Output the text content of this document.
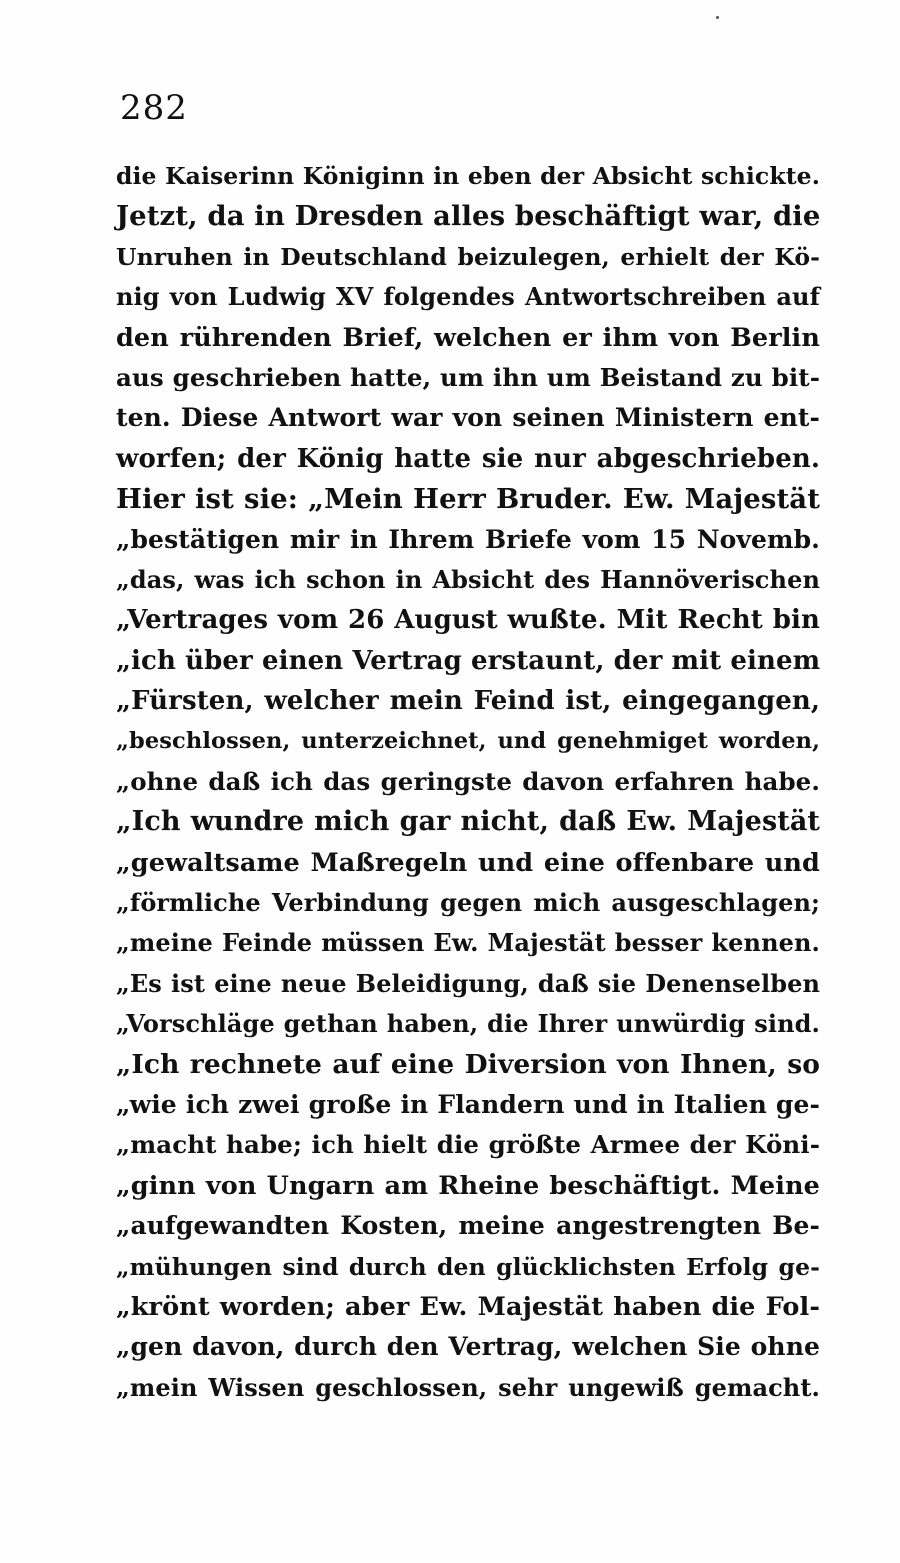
282
die Kaiserinn Königinn in eben der Absicht schickte.
Jetzt, da in Dresden alles beschäftigt war, die
Unruhen in Deutschland beizulegen, erhielt der Kö-
nig von Ludwig XV folgendes Antwortschreiben auf
den rührenden Brief, welchen er ihm von Berlin
aus geschrieben hatte, um ihn um Beistand zu bit-
ten. Diese Antwort war von seinen Ministern ent-
worfen; der König hatte sie nur abgeschrieben.
Hier ist sie: „Mein Herr Bruder. Ew. Majestät
„bestätigen mir in Ihrem Briefe vom 15 Novemb.
„das, was ich schon in Absicht des Hannöverischen
„Vertrages vom 26 August wußte. Mit Recht bin
„ich über einen Vertrag erstaunt, der mit einem
„Fürsten, welcher mein Feind ist, eingegangen,
„beschlossen, unterzeichnet, und genehmiget worden,
„ohne daß ich das geringste davon erfahren habe.
„Ich wundre mich gar nicht, daß Ew. Majestät
„gewaltsame Maßregeln und eine offenbare und
„förmliche Verbindung gegen mich ausgeschlagen;
„meine Feinde müssen Ew. Majestät besser kennen.
„Es ist eine neue Beleidigung, daß sie Denenselben
„Vorschläge gethan haben, die Ihrer unwürdig sind.
„Ich rechnete auf eine Diversion von Ihnen, so
„wie ich zwei große in Flandern und in Italien ge-
„macht habe; ich hielt die größte Armee der Köni-
„ginn von Ungarn am Rheine beschäftigt. Meine
„aufgewandten Kosten, meine angestrengten Be-
„mühungen sind durch den glücklichsten Erfolg ge-
„krönt worden; aber Ew. Majestät haben die Fol-
„gen davon, durch den Vertrag, welchen Sie ohne
„mein Wissen geschlossen, sehr ungewiß gemacht.
